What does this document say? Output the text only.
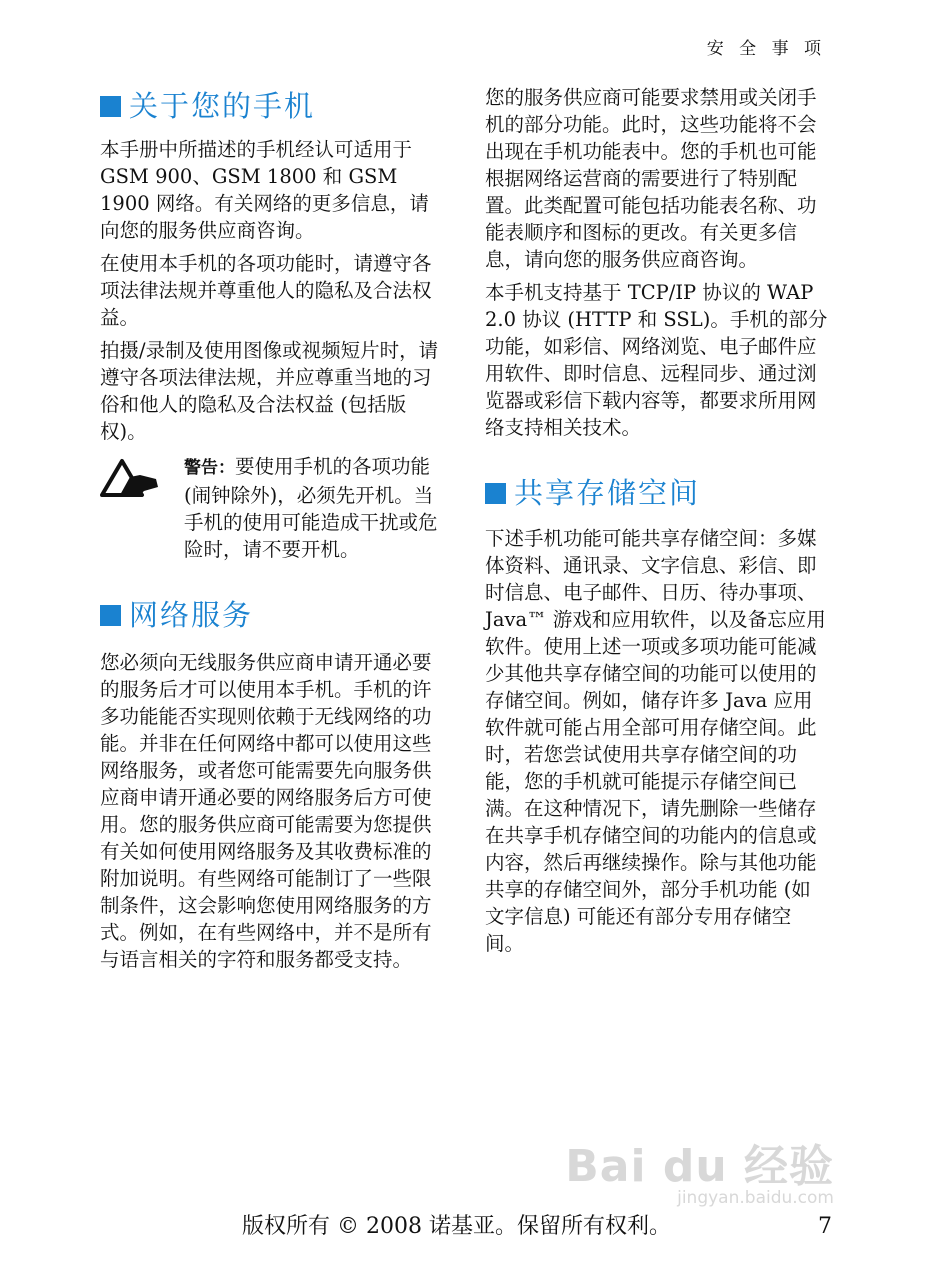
安 全 事 项
关于您的手机

本手册中所描述的手机经认可适用于 GSM 900、GSM 1800 和 GSM 1900 网络。有关网络的更多信息，请向您的服务供应商咨询。

在使用本手机的各项功能时，请遵守各项法律法规并尊重他人的隐私及合法权益。

拍摄/录制及使用图像或视频短片时，请遵守各项法律法规，并应尊重当地的习俗和他人的隐私及合法权益 (包括版权)。

警告：要使用手机的各项功能 (闹钟除外)，必须先开机。当手机的使用可能造成干扰或危险时，请不要开机。
网络服务

您必须向无线服务供应商申请开通必要的服务后才可以使用本手机。手机的许多功能能否实现则依赖于无线网络的功能。并非在任何网络中都可以使用这些网络服务，或者您可能需要先向服务供应商申请开通必要的网络服务后方可使用。您的服务供应商可能需要为您提供有关如何使用网络服务及其收费标准的附加说明。有些网络可能制订了一些限制条件，这会影响您使用网络服务的方式。例如，在有些网络中，并不是所有与语言相关的字符和服务都受支持。

您的服务供应商可能要求禁用或关闭手机的部分功能。此时，这些功能将不会出现在手机功能表中。您的手机也可能根据网络运营商的需要进行了特别配置。此类配置可能包括功能表名称、功能表顺序和图标的更改。有关更多信息，请向您的服务供应商咨询。

本手机支持基于 TCP/IP 协议的 WAP 2.0 协议 (HTTP 和 SSL)。手机的部分功能，如彩信、网络浏览、电子邮件应用软件、即时信息、远程同步、通过浏览器或彩信下载内容等，都要求所用网络支持相关技术。

共享存储空间

下述手机功能可能共享存储空间：多媒体资料、通讯录、文字信息、彩信、即时信息、电子邮件、日历、待办事项、Java™ 游戏和应用软件，以及备忘应用软件。使用上述一项或多项功能可能减少其他共享存储空间的功能可以使用的存储空间。例如，储存许多 Java 应用软件就可能占用全部可用存储空间。此时，若您尝试使用共享存储空间的功能，您的手机就可能提示存储空间已满。在这种情况下，请先删除一些储存在共享手机存储空间的功能内的信息或内容，然后再继续操作。除与其他功能共享的存储空间外，部分手机功能 (如文字信息) 可能还有部分专用存储空间。

Bai du 经验
jingyan.baidu.com
版权所有 © 2008 诺基亚。保留所有权利。	7
